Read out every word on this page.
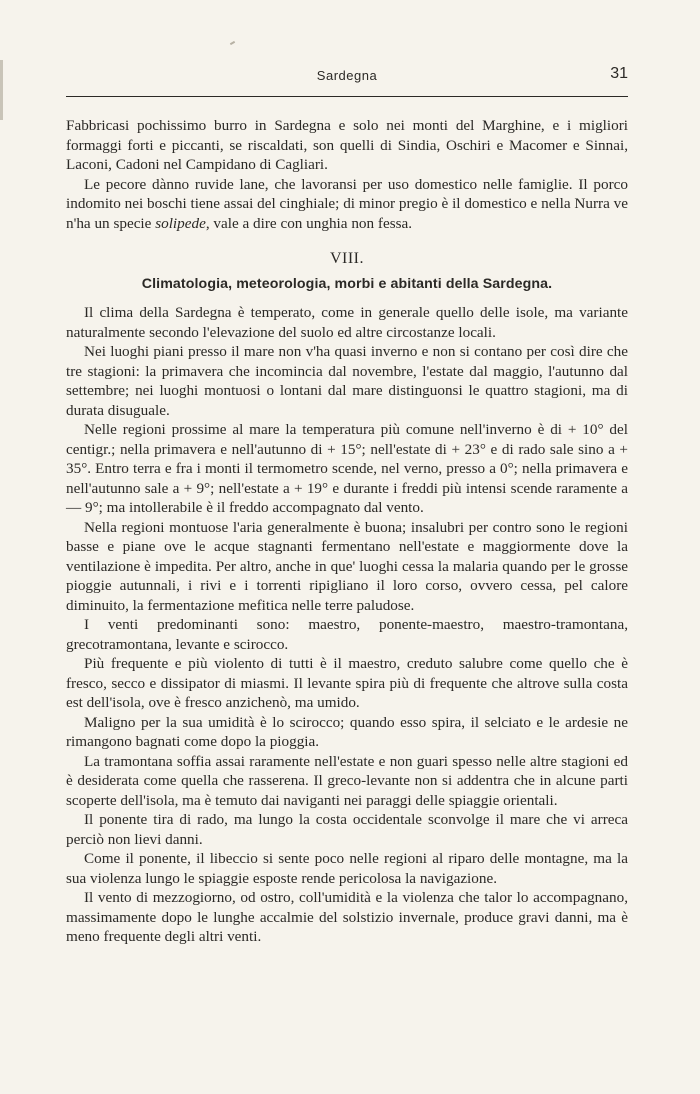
Sardegna	31

Fabbricasi pochissimo burro in Sardegna e solo nei monti del Marghine, e i migliori formaggi forti e piccanti, se riscaldati, son quelli di Sindia, Oschiri e Macomer e Sinnai, Laconi, Cadoni nel Campidano di Cagliari.

Le pecore dànno ruvide lane, che lavoransi per uso domestico nelle famiglie. Il porco indomito nei boschi tiene assai del cinghiale; di minor pregio è il domestico e nella Nurra ve n'ha un specie solipede, vale a dire con unghia non fessa.

VIII.
Climatologia, meteorologia, morbi e abitanti della Sardegna.

Il clima della Sardegna è temperato, come in generale quello delle isole, ma variante naturalmente secondo l'elevazione del suolo ed altre circostanze locali.

Nei luoghi piani presso il mare non v'ha quasi inverno e non si contano per così dire che tre stagioni: la primavera che incomincia dal novembre, l'estate dal maggio, l'autunno dal settembre; nei luoghi montuosi o lontani dal mare distinguonsi le quattro stagioni, ma di durata disuguale.

Nelle regioni prossime al mare la temperatura più comune nell'inverno è di + 10° del centigr.; nella primavera e nell'autunno di + 15°; nell'estate di + 23° e di rado sale sino a + 35°. Entro terra e fra i monti il termometro scende, nel verno, presso a 0°; nella primavera e nell'autunno sale a + 9°; nell'estate a + 19° e durante i freddi più intensi scende raramente a — 9°; ma intollerabile è il freddo accompagnato dal vento.

Nella regioni montuose l'aria generalmente è buona; insalubri per contro sono le regioni basse e piane ove le acque stagnanti fermentano nell'estate e maggiormente dove la ventilazione è impedita. Per altro, anche in que' luoghi cessa la malaria quando per le grosse pioggie autunnali, i rivi e i torrenti ripigliano il loro corso, ovvero cessa, pel calore diminuito, la fermentazione mefitica nelle terre paludose.

I venti predominanti sono: maestro, ponente-maestro, maestro-tramontana, grecotramontana, levante e scirocco.

Più frequente e più violento di tutti è il maestro, creduto salubre come quello che è fresco, secco e dissipator di miasmi. Il levante spira più di frequente che altrove sulla costa est dell'isola, ove è fresco anzichenò, ma umido.

Maligno per la sua umidità è lo scirocco; quando esso spira, il selciato e le ardesie ne rimangono bagnati come dopo la pioggia.

La tramontana soffia assai raramente nell'estate e non guari spesso nelle altre stagioni ed è desiderata come quella che rasserena. Il greco-levante non si addentra che in alcune parti scoperte dell'isola, ma è temuto dai naviganti nei paraggi delle spiaggie orientali.

Il ponente tira di rado, ma lungo la costa occidentale sconvolge il mare che vi arreca perciò non lievi danni.

Come il ponente, il libeccio si sente poco nelle regioni al riparo delle montagne, ma la sua violenza lungo le spiaggie esposte rende pericolosa la navigazione.

Il vento di mezzogiorno, od ostro, coll'umidità e la violenza che talor lo accompagnano, massimamente dopo le lunghe accalmie del solstizio invernale, produce gravi danni, ma è meno frequente degli altri venti.
